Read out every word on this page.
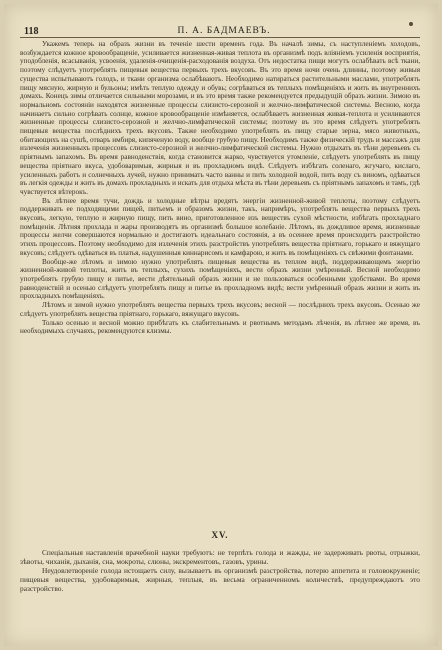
118	П. А. БАДМАЕВЪ.

Укажемъ теперь на образъ жизни въ теченіе шести временъ года. Въ началѣ зимы, съ наступленіемъ холодовъ, возбуждается кожное кровообращеніе, усиливается жизненная-живая теплота въ организмѣ подъ вліяніемъ усиленія восприятія, уподобленія, всасыванія, усвоенія, удаленія-очищенія-расходованія воздуха. Отъ недостатка пищи могутъ ослабѣвать всѣ ткани, поэтому слѣдуетъ употреблять пищевыя вещества первыхъ трехъ вкусовъ. Въ это время ночи очень длинны, поэтому живыя существа испытываютъ голодъ, и ткани организма ослабѣваютъ. Необходимо натираться растительными маслами, употреблять пищу мясную, жирную и бульоны; имѣть теплую одежду и обувь; согрѣваться въ теплыхъ помѣщеніяхъ и жить въ внутреннихъ домахъ. Конецъ зимы отличается сильными морозами, и въ это время также рекомендуется предыдущій образъ жизни. Зимою въ нормальномъ состояніи находятся жизненные процессы слизисто-серозной и желчно-лимфатической системы. Весною, когда начинаетъ сильно согрѣвать солнце, кожное кровообращеніе измѣняется, ослабѣваетъ жизненная живая-теплота и усиливаются жизненные процессы слизисто-серозной и желчно-лимфатической системы; поэтому въ это время слѣдуетъ употреблять пищевыя вещества послѣднихъ трехъ вкусовъ. Также необходимо употреблять въ пищу старые зерна, мясо животныхъ, обитающихъ на сушѣ, отваръ имбиря, кипяченую воду, вообще грубую пищу. Необходимъ также физическій трудъ и массажъ для излеченія жизненныхъ процессовъ слизисто-серозной и желчно-лимфатической системы. Нужно отдыхать въ тѣни деревьевъ съ пріятнымъ запахомъ. Въ время равноденствія, когда становится жарко, чувствуется утомленіе, слѣдуетъ употреблять въ пищу вещества пріятнаго вкуса, удобоваримыя, жирныя и въ прохладномъ видѣ. Слѣдуетъ избѣгать соленаго, жгучаго, кислаго, усиленныхъ работъ и солнечныхъ лучей, нужно принимать часто ванны и пить холодной водой, пить воду съ виномъ, одѣваться въ легкія одежды и жить въ домахъ прохладныхъ и искать для отдыха мѣста въ тѣни деревьевъ съ пріятнымъ запахомъ и тамъ, гдѣ чувствуется вѣтерокъ.

Въ лѣтнее время тучи, дождь и холодные вѣтры вредятъ энергіи жизненной-живой теплоты, поэтому слѣдуетъ поддерживать ее подходящими пищей, питьемъ и образомъ жизни, такъ, напримѣръ, употреблять вещества первыхъ трехъ вкусовъ, легкую, теплую и жирную пищу, пить вино, приготовленное изъ веществъ сухой мѣстности, избѣгать прохладнаго помѣщенія. Лѣтняя прохлада и жары производятъ въ организмѣ большое колебаніе. Лѣтомъ, въ дождливое время, жизненные процессы желчи совершаются нормально и достигаютъ идеальнаго состоянія, а въ осеннее время происходитъ разстройство этихъ процессовъ. Поэтому необходимо для излеченія этихъ разстройствъ употреблять вещества пріятнаго, горькаго и вяжущаго вкусовъ; слѣдуетъ одѣваться въ платья, надушенныя киннарисомъ и камфарою, и жить въ помѣщеніяхъ съ свѣжими фонтанами.

Вообще-же лѣтомъ и зимою нужно употреблять пищевыя вещества въ теплом видѣ, поддерживающемъ энергію жизненной-живой теплоты, жить въ теплыхъ, сухихъ помѣщеніяхъ, вести образъ жизни умѣренный. Весной необходимо употреблять грубую пищу и питье, вести дѣятельный образъ жизни и не пользоваться особенными удобствами. Во время равноденствій и осенью слѣдуетъ употреблять пищу и питье въ прохладномъ видѣ; вести умѣренный образъ жизни и жить въ прохладныхъ помѣщеніяхъ.

Лѣтомъ и зимой нужно употреблять вещества первыхъ трехъ вкусовъ; весной — послѣднихъ трехъ вкусовъ. Осенью же слѣдуетъ употреблять вещества пріятнаго, горькаго, вяжущаго вкусовъ.

Только осенью и весной можно прибѣгать къ слабительнымъ и рвотнымъ методамъ лѣченія, въ лѣтнее же время, въ необходимыхъ случаяхъ, рекомендуются клизмы.

XV.

Спеціальныя наставленія врачебной науки требуютъ: не терпѣть голода и жажды, не задерживать рвоты, отрыжки, зѣвоты, чиханія, дыханія, сна, мокроты, слюны, экскрементовъ, газовъ, урины.

Неудовлетвореніе голода истощаетъ силу, вызываетъ въ организмѣ разстройства, потерю аппетита и головокруженіе; пищевыя вещества, удобоваримыя, жирныя, теплыя, въ весьма ограниченномъ количествѣ, предупреждаютъ это разстройство.
